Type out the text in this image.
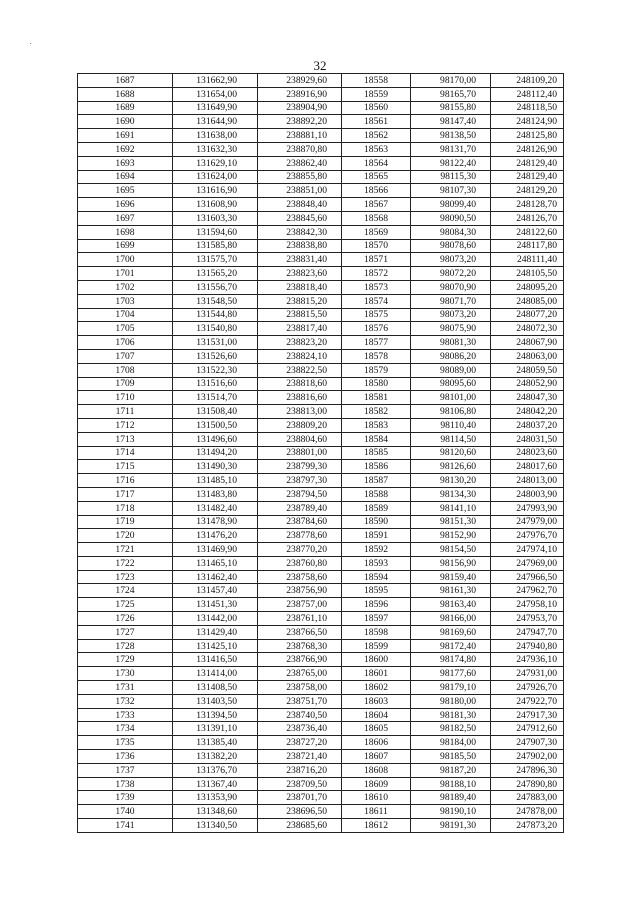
32
1687	131662,90	238929,60	18558	98170,00	248109,20
1688	131654,00	238916,90	18559	98165,70	248112,40
1689	131649,90	238904,90	18560	98155,80	248118,50
1690	131644,90	238892,20	18561	98147,40	248124,90
1691	131638,00	238881,10	18562	98138,50	248125,80
1692	131632,30	238870,80	18563	98131,70	248126,90
1693	131629,10	238862,40	18564	98122,40	248129,40
1694	131624,00	238855,80	18565	98115,30	248129,40
1695	131616,90	238851,00	18566	98107,30	248129,20
1696	131608,90	238848,40	18567	98099,40	248128,70
1697	131603,30	238845,60	18568	98090,50	248126,70
1698	131594,60	238842,30	18569	98084,30	248122,60
1699	131585,80	238838,80	18570	98078,60	248117,80
1700	131575,70	238831,40	18571	98073,20	248111,40
1701	131565,20	238823,60	18572	98072,20	248105,50
1702	131556,70	238818,40	18573	98070,90	248095,20
1703	131548,50	238815,20	18574	98071,70	248085,00
1704	131544,80	238815,50	18575	98073,20	248077,20
1705	131540,80	238817,40	18576	98075,90	248072,30
1706	131531,00	238823,20	18577	98081,30	248067,90
1707	131526,60	238824,10	18578	98086,20	248063,00
1708	131522,30	238822,50	18579	98089,00	248059,50
1709	131516,60	238818,60	18580	98095,60	248052,90
1710	131514,70	238816,60	18581	98101,00	248047,30
1711	131508,40	238813,00	18582	98106,80	248042,20
1712	131500,50	238809,20	18583	98110,40	248037,20
1713	131496,60	238804,60	18584	98114,50	248031,50
1714	131494,20	238801,00	18585	98120,60	248023,60
1715	131490,30	238799,30	18586	98126,60	248017,60
1716	131485,10	238797,30	18587	98130,20	248013,00
1717	131483,80	238794,50	18588	98134,30	248003,90
1718	131482,40	238789,40	18589	98141,10	247993,90
1719	131478,90	238784,60	18590	98151,30	247979,00
1720	131476,20	238778,60	18591	98152,90	247976,70
1721	131469,90	238770,20	18592	98154,50	247974,10
1722	131465,10	238760,80	18593	98156,90	247969,00
1723	131462,40	238758,60	18594	98159,40	247966,50
1724	131457,40	238756,90	18595	98161,30	247962,70
1725	131451,30	238757,00	18596	98163,40	247958,10
1726	131442,00	238761,10	18597	98166,00	247953,70
1727	131429,40	238766,50	18598	98169,60	247947,70
1728	131425,10	238768,30	18599	98172,40	247940,80
1729	131416,50	238766,90	18600	98174,80	247936,10
1730	131414,00	238765,00	18601	98177,60	247931,00
1731	131408,50	238758,00	18602	98179,10	247926,70
1732	131403,50	238751,70	18603	98180,00	247922,70
1733	131394,50	238740,50	18604	98181,30	247917,30
1734	131391,10	238736,40	18605	98182,50	247912,60
1735	131385,40	238727,20	18606	98184,00	247907,30
1736	131382,20	238721,40	18607	98185,50	247902,00
1737	131376,70	238716,20	18608	98187,20	247896,30
1738	131367,40	238709,50	18609	98188,10	247890,80
1739	131353,90	238701,70	18610	98189,40	247883,00
1740	131348,60	238696,50	18611	98190,10	247878,00
1741	131340,50	238685,60	18612	98191,30	247873,20
